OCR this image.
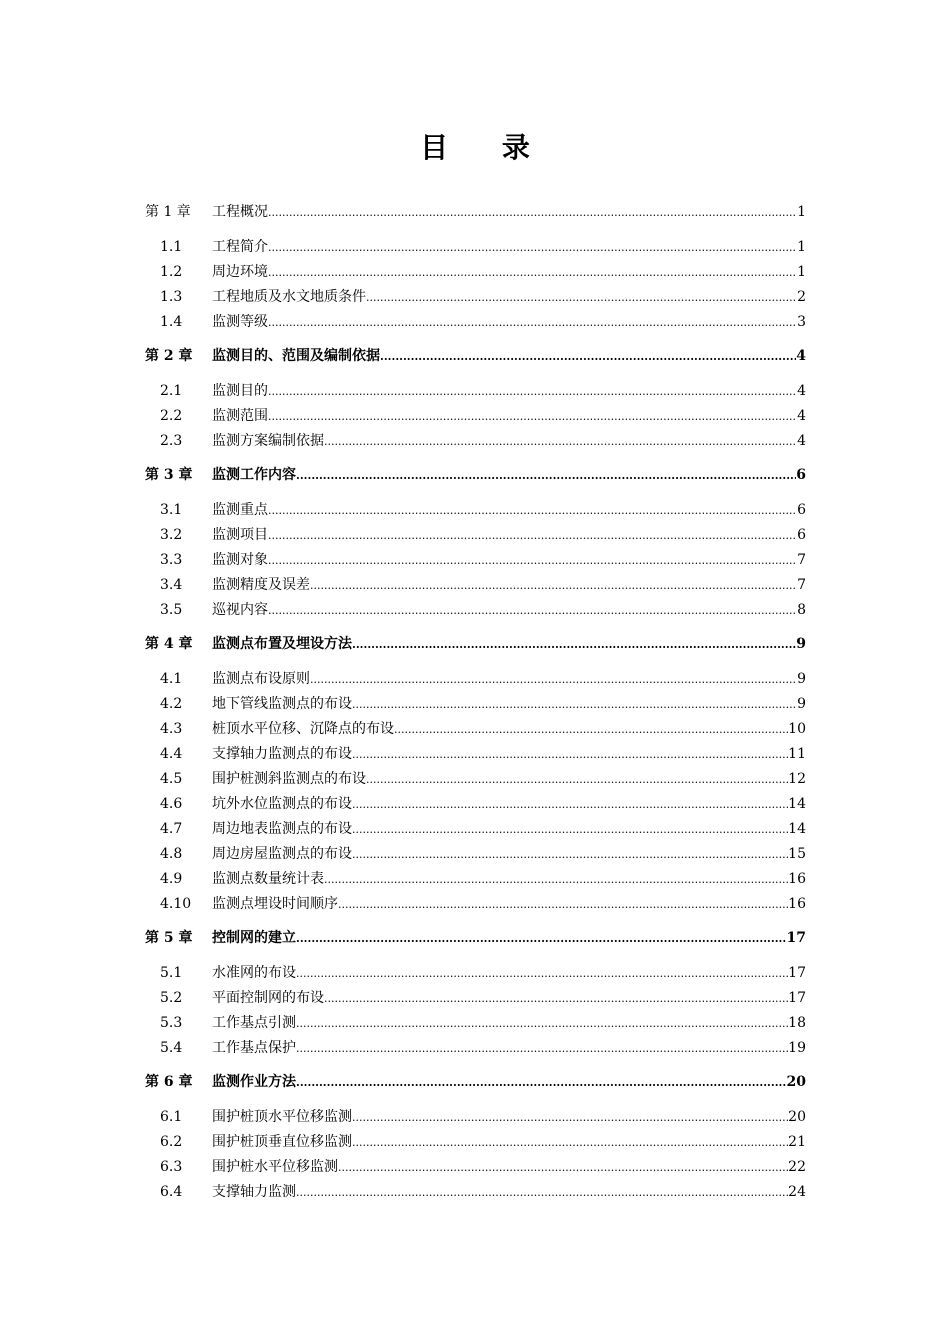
目 录
第 1 章 工程概况 .....	1
1.1 工程简介 .....	1
1.2 周边环境 .....	1
1.3 工程地质及水文地质条件 .....	2
1.4 监测等级 .....	3
第 2 章 监测目的、范围及编制依据 .....	4
2.1 监测目的 .....	4
2.2 监测范围 .....	4
2.3 监测方案编制依据 .....	4
第 3 章 监测工作内容 .....	6
3.1 监测重点 .....	6
3.2 监测项目 .....	6
3.3 监测对象 .....	7
3.4 监测精度及误差 .....	7
3.5 巡视内容 .....	8
第 4 章 监测点布置及埋设方法 .....	9
4.1 监测点布设原则 .....	9
4.2 地下管线监测点的布设 .....	9
4.3 桩顶水平位移、沉降点的布设 .....	10
4.4 支撑轴力监测点的布设 .....	11
4.5 围护桩测斜监测点的布设 .....	12
4.6 坑外水位监测点的布设 .....	14
4.7 周边地表监测点的布设 .....	14
4.8 周边房屋监测点的布设 .....	15
4.9 监测点数量统计表 .....	16
4.10 监测点埋设时间顺序 .....	16
第 5 章 控制网的建立 .....	17
5.1 水准网的布设 .....	17
5.2 平面控制网的布设 .....	17
5.3 工作基点引测 .....	18
5.4 工作基点保护 .....	19
第 6 章 监测作业方法 .....	20
6.1 围护桩顶水平位移监测 .....	20
6.2 围护桩顶垂直位移监测 .....	21
6.3 围护桩水平位移监测 .....	22
6.4 支撑轴力监测 .....	24
